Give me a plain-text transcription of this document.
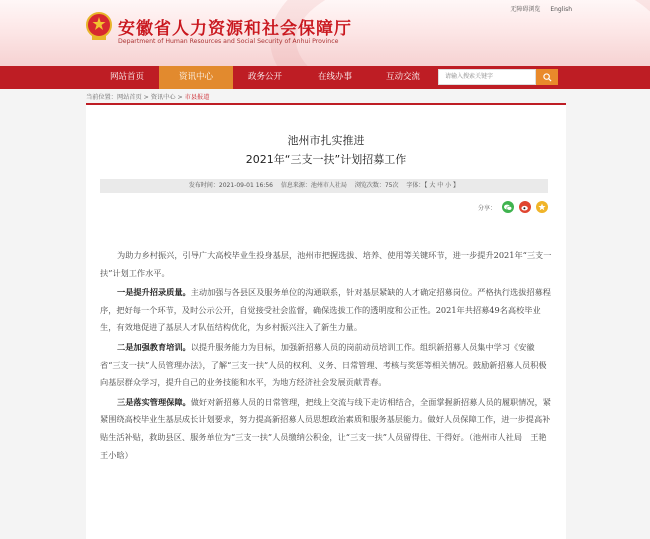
安徽省人力资源和社会保障厅
Department of Human Resources and Social Security of Anhui Province
无障碍浏览 English
网站首页	资讯中心	政务公开	在线办事	互动交流	请输入搜索关键字
当前位置：网站首页 > 资讯中心 > 市县报道
池州市扎实推进
2021年“三支一扶”计划招募工作
发布时间：2021-09-01 16:56 信息来源：池州市人社局 浏览次数：75次 字体：【 大 中 小 】
分享：

为助力乡村振兴，引导广大高校毕业生投身基层，池州市把握选拔、培养、使用等关键环节，进一步提升2021年“三支一扶”计划工作水平。

一是提升招录质量。主动加强与各县区及服务单位的沟通联系，针对基层紧缺的人才确定招募岗位。严格执行选拔招募程序，把好每一个环节，及时公示公开，自觉接受社会监督，确保选拔工作的透明度和公正性。2021年共招募49名高校毕业生，有效地促进了基层人才队伍结构优化，为乡村振兴注入了新生力量。

二是加强教育培训。以提升服务能力为目标，加强新招募人员的岗前动员培训工作。组织新招募人员集中学习《安徽省“三支一扶”人员管理办法》，了解“三支一扶”人员的权利、义务、日常管理、考核与奖惩等相关情况。鼓励新招募人员积极向基层群众学习，提升自己的业务技能和水平，为地方经济社会发展贡献青春。

三是落实管理保障。做好对新招募人员的日常管理，把线上交流与线下走访相结合，全面掌握新招募人员的履职情况，紧紧围绕高校毕业生基层成长计划要求，努力提高新招募人员思想政治素质和服务基层能力。做好人员保障工作，进一步提高补贴生活补贴，救助县区、服务单位为“三支一扶”人员缴纳公积金，让“三支一扶”人员留得住、干得好。（池州市人社局　王艳　王小晗）
